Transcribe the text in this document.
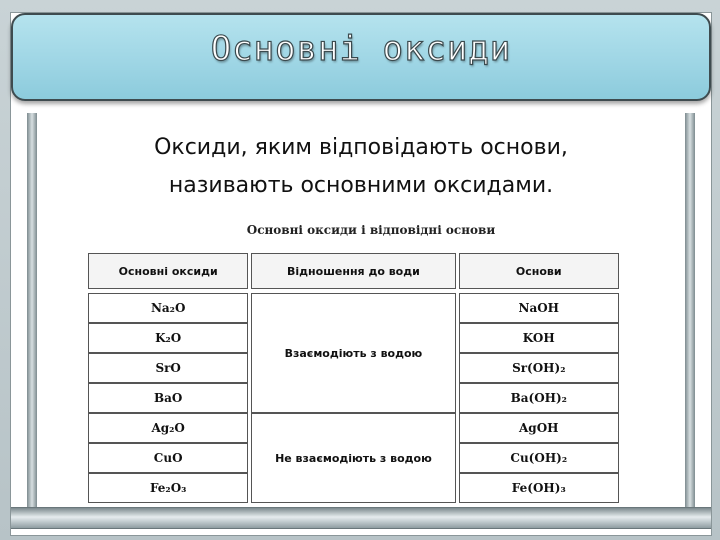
Основні оксиди
Оксиди, яким відповідають основи,
називають основними оксидами.
Основні оксиди і відповідні основи
Основні оксиди	Відношення до води	Основи

Na₂O	Взаємодіють з водою	NaOH
K₂O		KOH
SrO		Sr(OH)₂
BaO		Ba(OH)₂
Ag₂O	Не взаємодіють з водою	AgOH
CuO		Cu(OH)₂
Fe₂O₃		Fe(OH)₃
